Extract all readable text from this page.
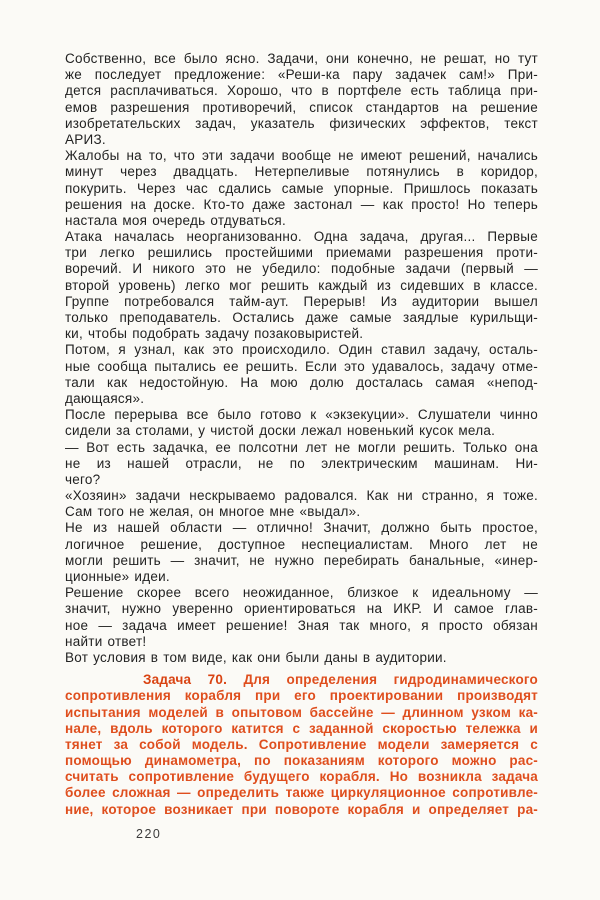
Собственно, все было ясно. Задачи, они конечно, не решат, но тут
же последует предложение: «Реши-ка пару задачек сам!» При-
дется расплачиваться. Хорошо, что в портфеле есть таблица при-
емов разрешения противоречий, список стандартов на решение
изобретательских задач, указатель физических эффектов, текст
АРИЗ.
Жалобы на то, что эти задачи вообще не имеют решений, начались
минут через двадцать. Нетерпеливые потянулись в коридор,
покурить. Через час сдались самые упорные. Пришлось показать
решения на доске. Кто-то даже застонал — как просто! Но теперь
настала моя очередь отдуваться.
Атака началась неорганизованно. Одна задача, другая... Первые
три легко решились простейшими приемами разрешения проти-
воречий. И никого это не убедило: подобные задачи (первый —
второй уровень) легко мог решить каждый из сидевших в классе.
Группе потребовался тайм-аут. Перерыв! Из аудитории вышел
только преподаватель. Остались даже самые заядлые курильщи-
ки, чтобы подобрать задачу позаковыристей.
Потом, я узнал, как это происходило. Один ставил задачу, осталь-
ные сообща пытались ее решить. Если это удавалось, задачу отме-
тали как недостойную. На мою долю досталась самая «непод-
дающаяся».
После перерыва все было готово к «экзекуции». Слушатели чинно
сидели за столами, у чистой доски лежал новенький кусок мела.
— Вот есть задачка, ее полсотни лет не могли решить. Только она
не из нашей отрасли, не по электрическим машинам. Ни-
чего?
«Хозяин» задачи нескрываемо радовался. Как ни странно, я тоже.
Сам того не желая, он многое мне «выдал».
Не из нашей области — отлично! Значит, должно быть простое,
логичное решение, доступное неспециалистам. Много лет не
могли решить — значит, не нужно перебирать банальные, «инер-
ционные» идеи.
Решение скорее всего неожиданное, близкое к идеальному —
значит, нужно уверенно ориентироваться на ИКР. И самое глав-
ное — задача имеет решение! Зная так много, я просто обязан
найти ответ!
Вот условия в том виде, как они были даны в аудитории.
Задача 70. Для определения гидродинамического
сопротивления корабля при его проектировании производят
испытания моделей в опытовом бассейне — длинном узком ка-
нале, вдоль которого катится с заданной скоростью тележка и
тянет за собой модель. Сопротивление модели замеряется с
помощью динамометра, по показаниям которого можно рас-
считать сопротивление будущего корабля. Но возникла задача
более сложная — определить также циркуляционное сопротивле-
ние, которое возникает при повороте корабля и определяет ра-
220
